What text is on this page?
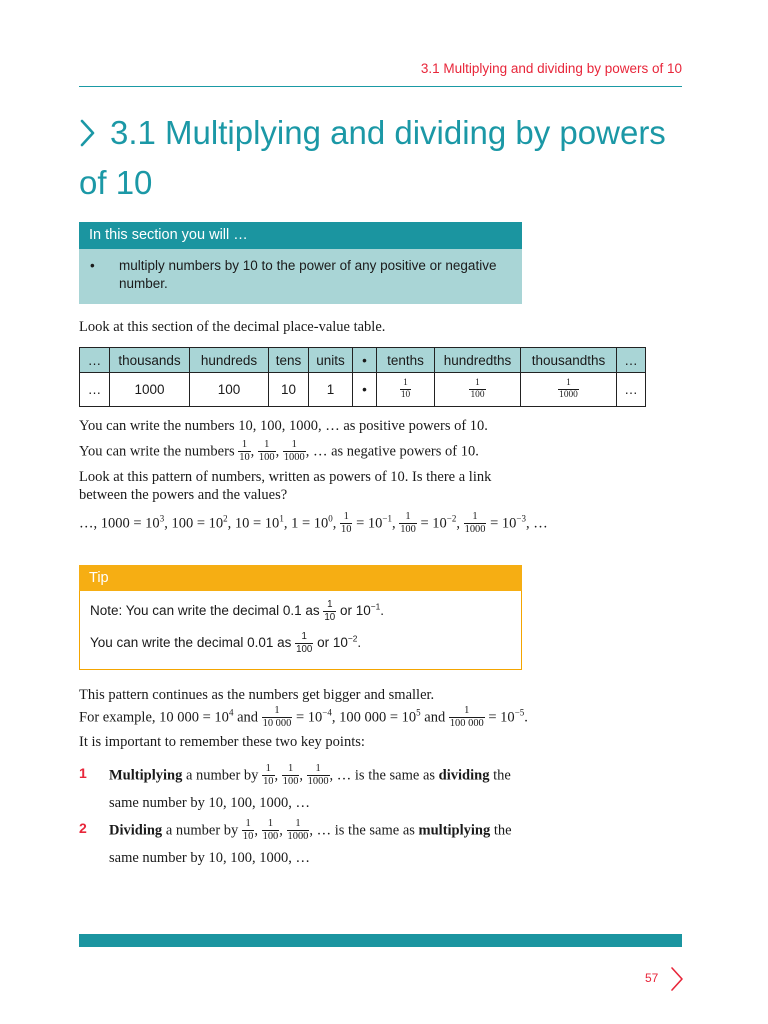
3.1 Multiplying and dividing by powers of 10
3.1 Multiplying and dividing by powers of 10
In this section you will …
• multiply numbers by 10 to the power of any positive or negative number.
Look at this section of the decimal place-value table.
…	thousands	hundreds	tens	units	•	tenths	hundredths	thousandths	…
…	1000	100	10	1	•	$\frac{1}{10}$	$\frac{1}{100}$	$\frac{1}{1000}$	…
You can write the numbers 10, 100, 1000, … as positive powers of 10.
You can write the numbers $\frac{1}{10}$ , $\frac{1}{100}$ , $\frac{1}{1000}$ , … as negative powers of 10.
Look at this pattern of numbers, written as powers of 10. Is there a link
between the powers and the values?
…, $1000 = 10^3$, $100 = 10^2$, $10 = 10^1$, $1 = 10^0$, $\frac{1}{10} = 10^{-1}$, $\frac{1}{100} = 10^{-2}$, $\frac{1}{1000} = 10^{-3}$, …
Tip
Note: You can write the decimal 0.1 as $\frac{1}{10}$ or $10^{-1}$.
You can write the decimal 0.01 as $\frac{1}{100}$ or $10^{-2}$.
This pattern continues as the numbers get bigger and smaller.
For example, 10 $000 = 10^4$ and $\frac{1}{10 000} = 10^{-4}$, 100 $000 = 10^5$ and $\frac{1}{100 000} = 10^{-5}$.
It is important to remember these two key points:
1 Multiplying a number by $\frac{1}{10}$ , $\frac{1}{100}$ , $\frac{1}{1000}$ , … is the same as dividing the
same number by 10, 100, 1000, …
2 Dividing a number by $\frac{1}{10}$ , $\frac{1}{100}$ , $\frac{1}{1000}$ , … is the same as multiplying the
same number by 10, 100, 1000, …
57
